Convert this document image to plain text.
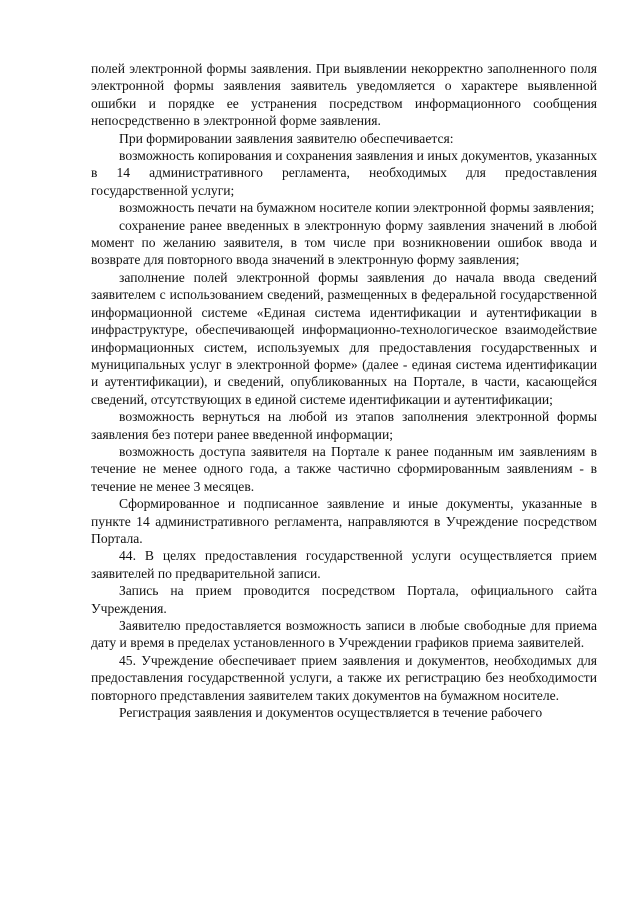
полей электронной формы заявления. При выявлении некорректно заполненного поля электронной формы заявления заявитель уведомляется о характере выявленной ошибки и порядке ее устранения посредством информационного сообщения непосредственно в электронной форме заявления.

При формировании заявления заявителю обеспечивается:

возможность копирования и сохранения заявления и иных документов, указанных в 14 административного регламента, необходимых для предоставления государственной услуги;

возможность печати на бумажном носителе копии электронной формы заявления;

сохранение ранее введенных в электронную форму заявления значений в любой момент по желанию заявителя, в том числе при возникновении ошибок ввода и возврате для повторного ввода значений в электронную форму заявления;

заполнение полей электронной формы заявления до начала ввода сведений заявителем с использованием сведений, размещенных в федеральной государственной информационной системе «Единая система идентификации и аутентификации в инфраструктуре, обеспечивающей информационно-технологическое взаимодействие информационных систем, используемых для предоставления государственных и муниципальных услуг в электронной форме» (далее - единая система идентификации и аутентификации), и сведений, опубликованных на Портале, в части, касающейся сведений, отсутствующих в единой системе идентификации и аутентификации;

возможность вернуться на любой из этапов заполнения электронной формы заявления без потери ранее введенной информации;

возможность доступа заявителя на Портале к ранее поданным им заявлениям в течение не менее одного года, а также частично сформированным заявлениям - в течение не менее 3 месяцев.

Сформированное и подписанное заявление и иные документы, указанные в пункте 14 административного регламента, направляются в Учреждение посредством Портала.

44. В целях предоставления государственной услуги осуществляется прием заявителей по предварительной записи.

Запись на прием проводится посредством Портала, официального сайта Учреждения.

Заявителю предоставляется возможность записи в любые свободные для приема дату и время в пределах установленного в Учреждении графиков приема заявителей.

45. Учреждение обеспечивает прием заявления и документов, необходимых для предоставления государственной услуги, а также их регистрацию без необходимости повторного представления заявителем таких документов на бумажном носителе.

Регистрация заявления и документов осуществляется в течение рабочего
